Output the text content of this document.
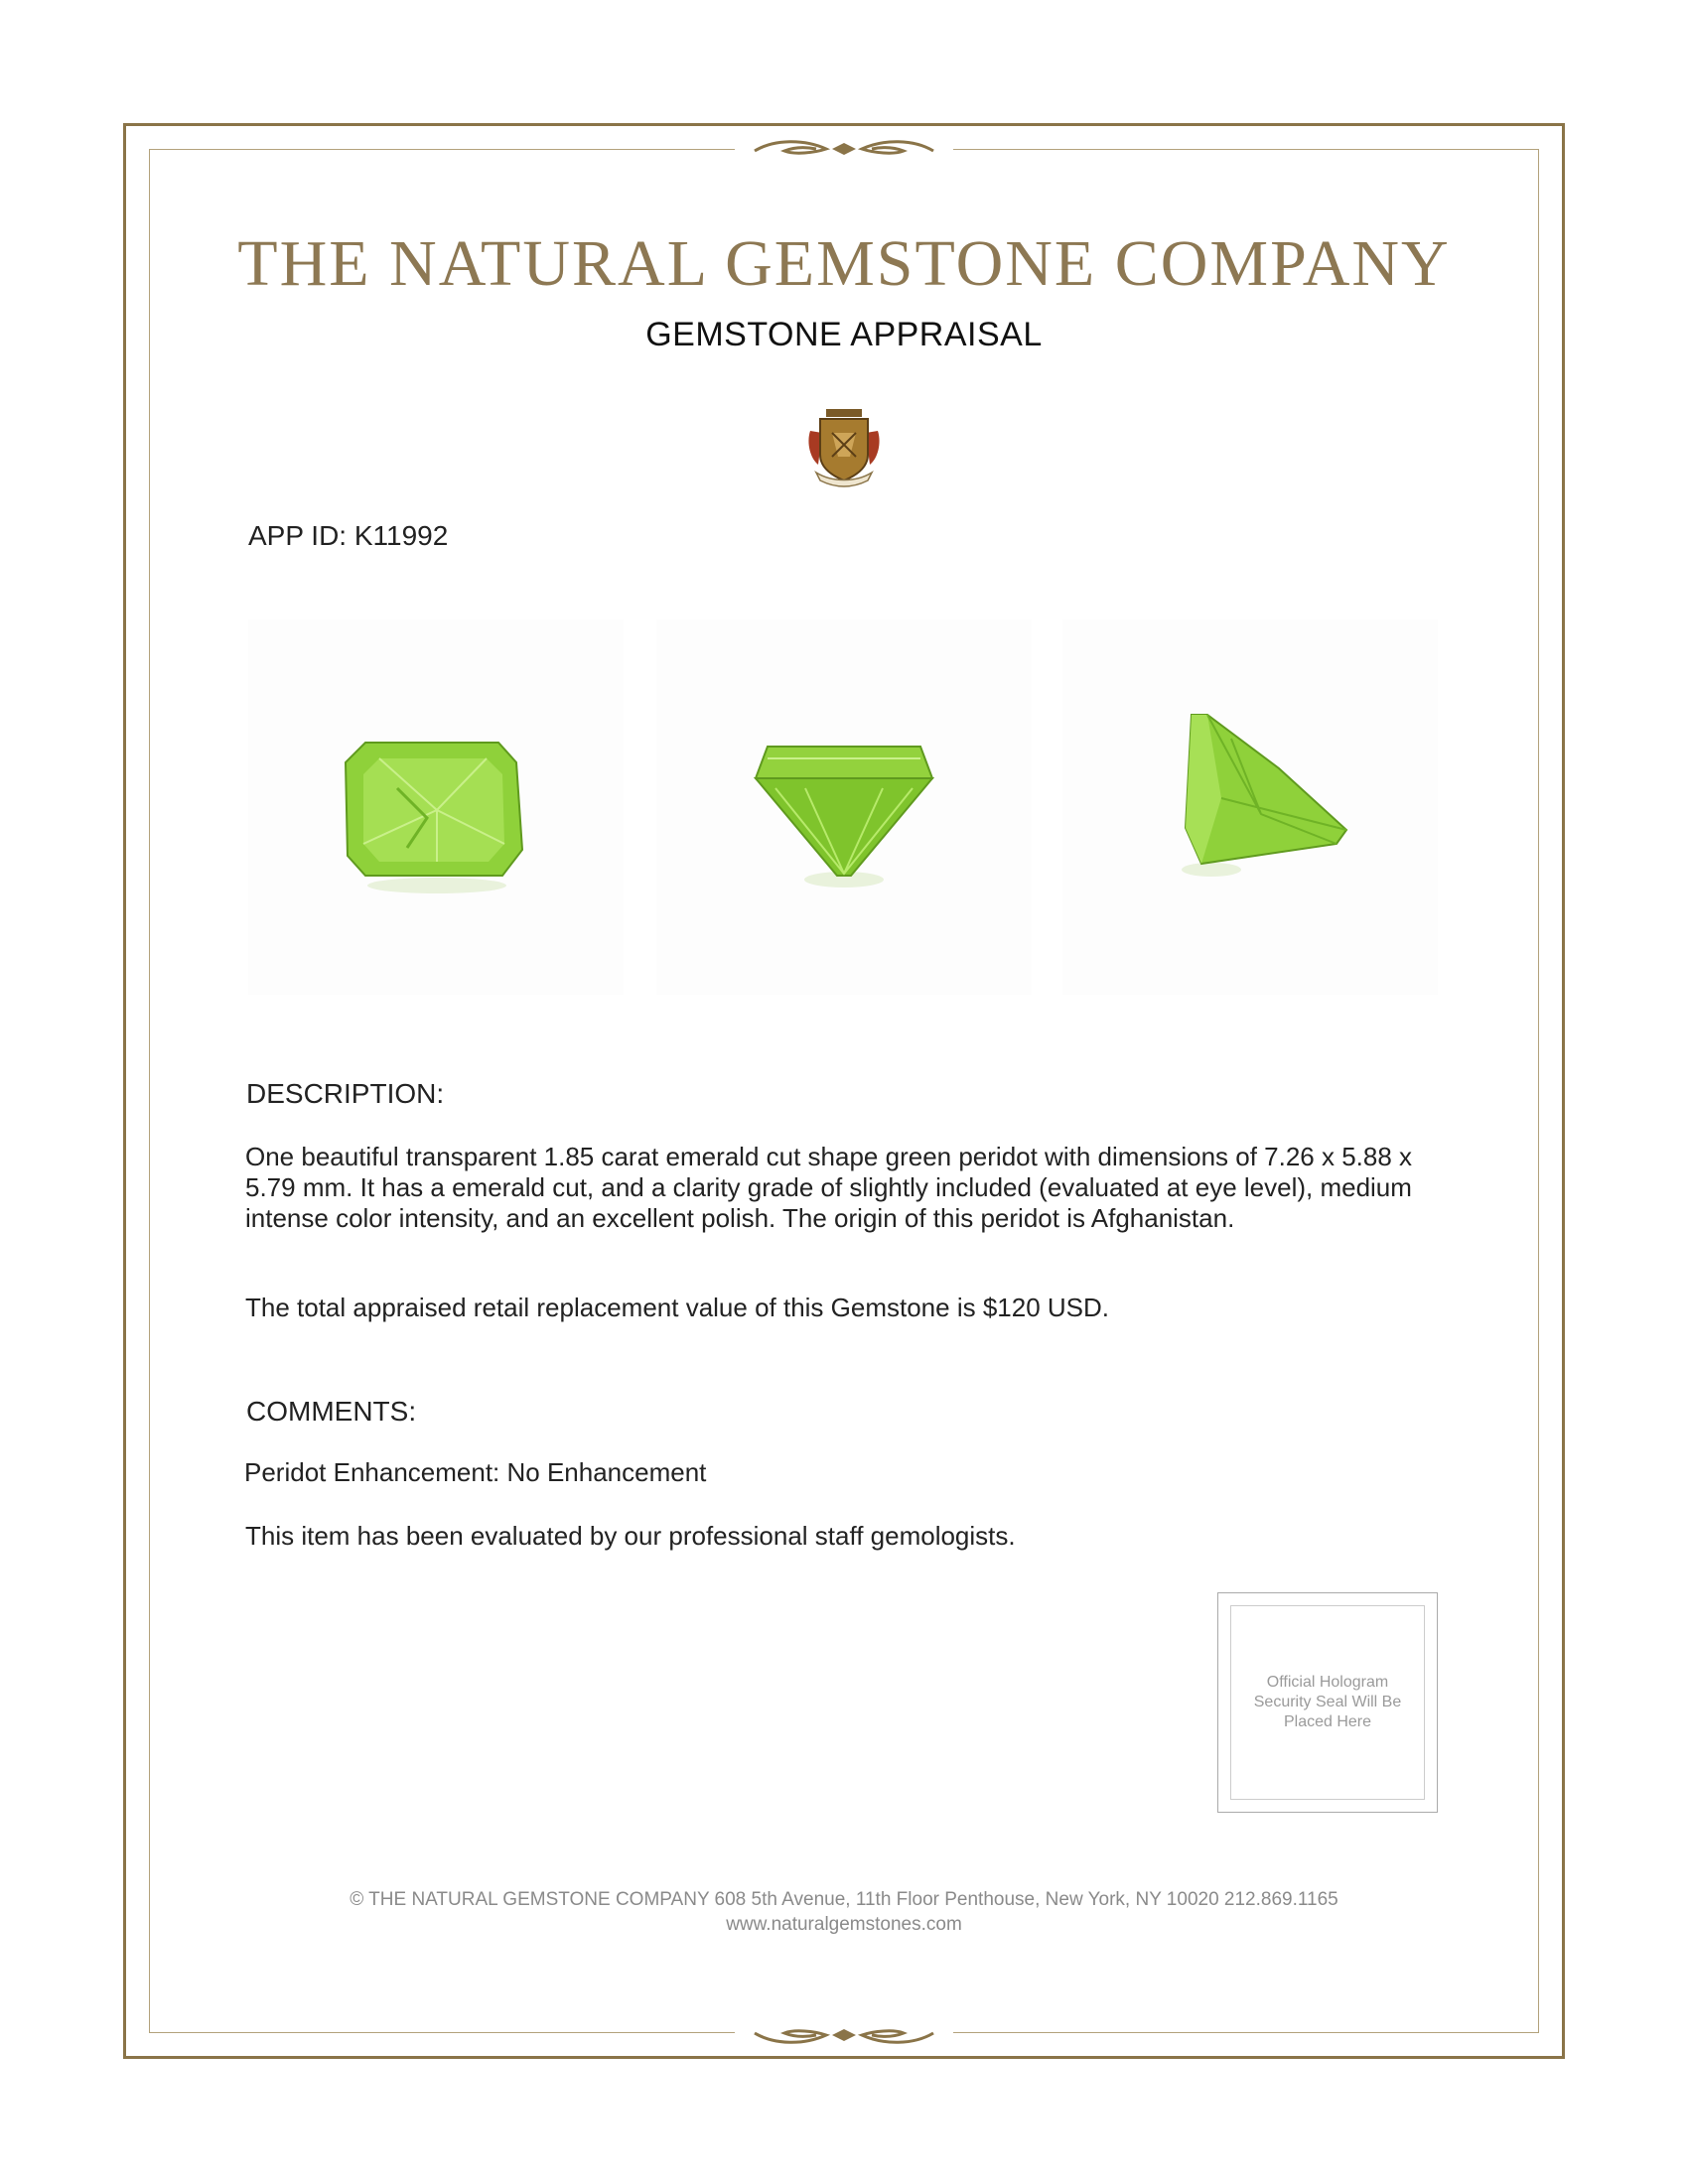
THE NATURAL GEMSTONE COMPANY
GEMSTONE APPRAISAL
APP ID: K11992
DESCRIPTION:
One beautiful transparent 1.85 carat emerald cut shape green peridot with dimensions of 7.26 x 5.88 x 5.79 mm. It has a emerald cut, and a clarity grade of slightly included (evaluated at eye level), medium intense color intensity, and an excellent polish. The origin of this peridot is Afghanistan.
The total appraised retail replacement value of this Gemstone is $120 USD.
COMMENTS:
Peridot Enhancement: No Enhancement
This item has been evaluated by our professional staff gemologists.
Official Hologram Security Seal Will Be Placed Here
© THE NATURAL GEMSTONE COMPANY 608 5th Avenue, 11th Floor Penthouse, New York, NY 10020 212.869.1165
www.naturalgemstones.com
